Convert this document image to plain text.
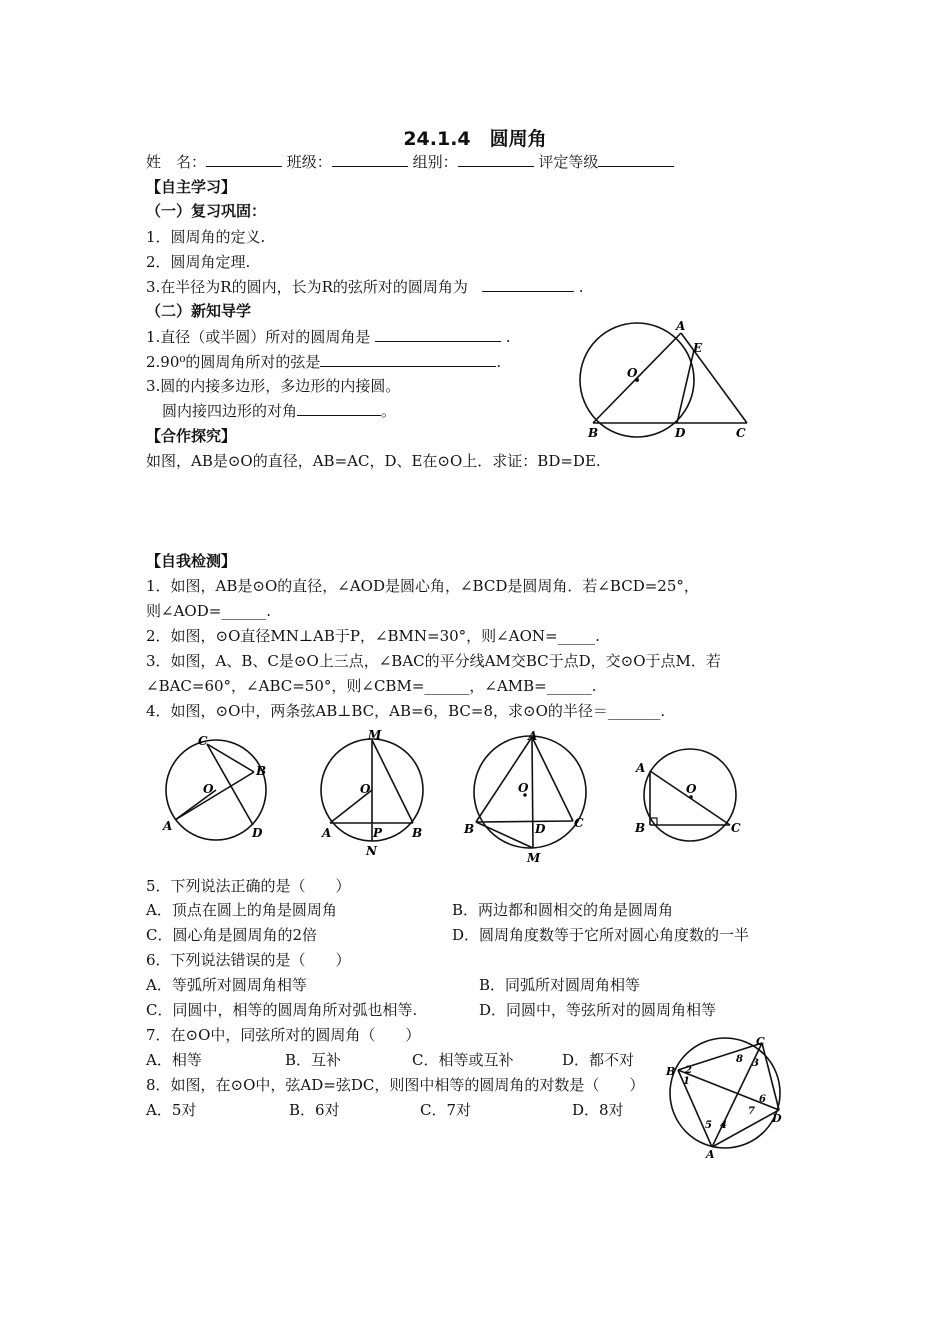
24.1.4　圆周角
姓　名：	班级：	组别：	评定等级
【自主学习】
（一）复习巩固：
1．圆周角的定义.
2．圆周角定理.
3.在半径为R的圆内，长为R的弦所对的圆周角为	.
（二）新知导学
1.直径（或半圆）所对的圆周角是	.
2.90⁰的圆周角所对的弦是	.
3.圆的内接多边形，多边形的内接圆。
圆内接四边形的对角	。
【合作探究】
如图，AB是⊙O的直径，AB=AC，D、E在⊙O上．求证：BD=DE.
A
E
O
B	D	C
【自我检测】
1．如图，AB是⊙O的直径，∠AOD是圆心角，∠BCD是圆周角．若∠BCD=25°，
则∠AOD=______.
2．如图，⊙O直径MN⊥AB于P，∠BMN=30°，则∠AON=_____.
3．如图，A、B、C是⊙O上三点，∠BAC的平分线AM交BC于点D，交⊙O于点M．若
∠BAC=60°，∠ABC=50°，则∠CBM=______，∠AMB=______.
4．如图，⊙O中，两条弦AB⊥BC，AB=6，BC=8，求⊙O的半径＝_______.
C
B
O
A	D
M
O
A	P B
N
A
O
B	D C
M
A
O
B	C
5．下列说法正确的是（　　）
A．顶点在圆上的角是圆周角	B．两边都和圆相交的角是圆周角
C．圆心角是圆周角的2倍	D．圆周角度数等于它所对圆心角度数的一半
6．下列说法错误的是（　　）
A．等弧所对圆周角相等	B．同弧所对圆周角相等
C．同圆中，相等的圆周角所对弧也相等.	D．同圆中，等弦所对的圆周角相等
7．在⊙O中，同弦所对的圆周角（　　）
A．相等	B．互补	C．相等或互补	D．都不对
8．如图，在⊙O中，弦AD=弦DC，则图中相等的圆周角的对数是（　　）
A．5对	B．6对	C．7对	D．8对
C
8 3
B
1
2
6
7
D
5 4
A
